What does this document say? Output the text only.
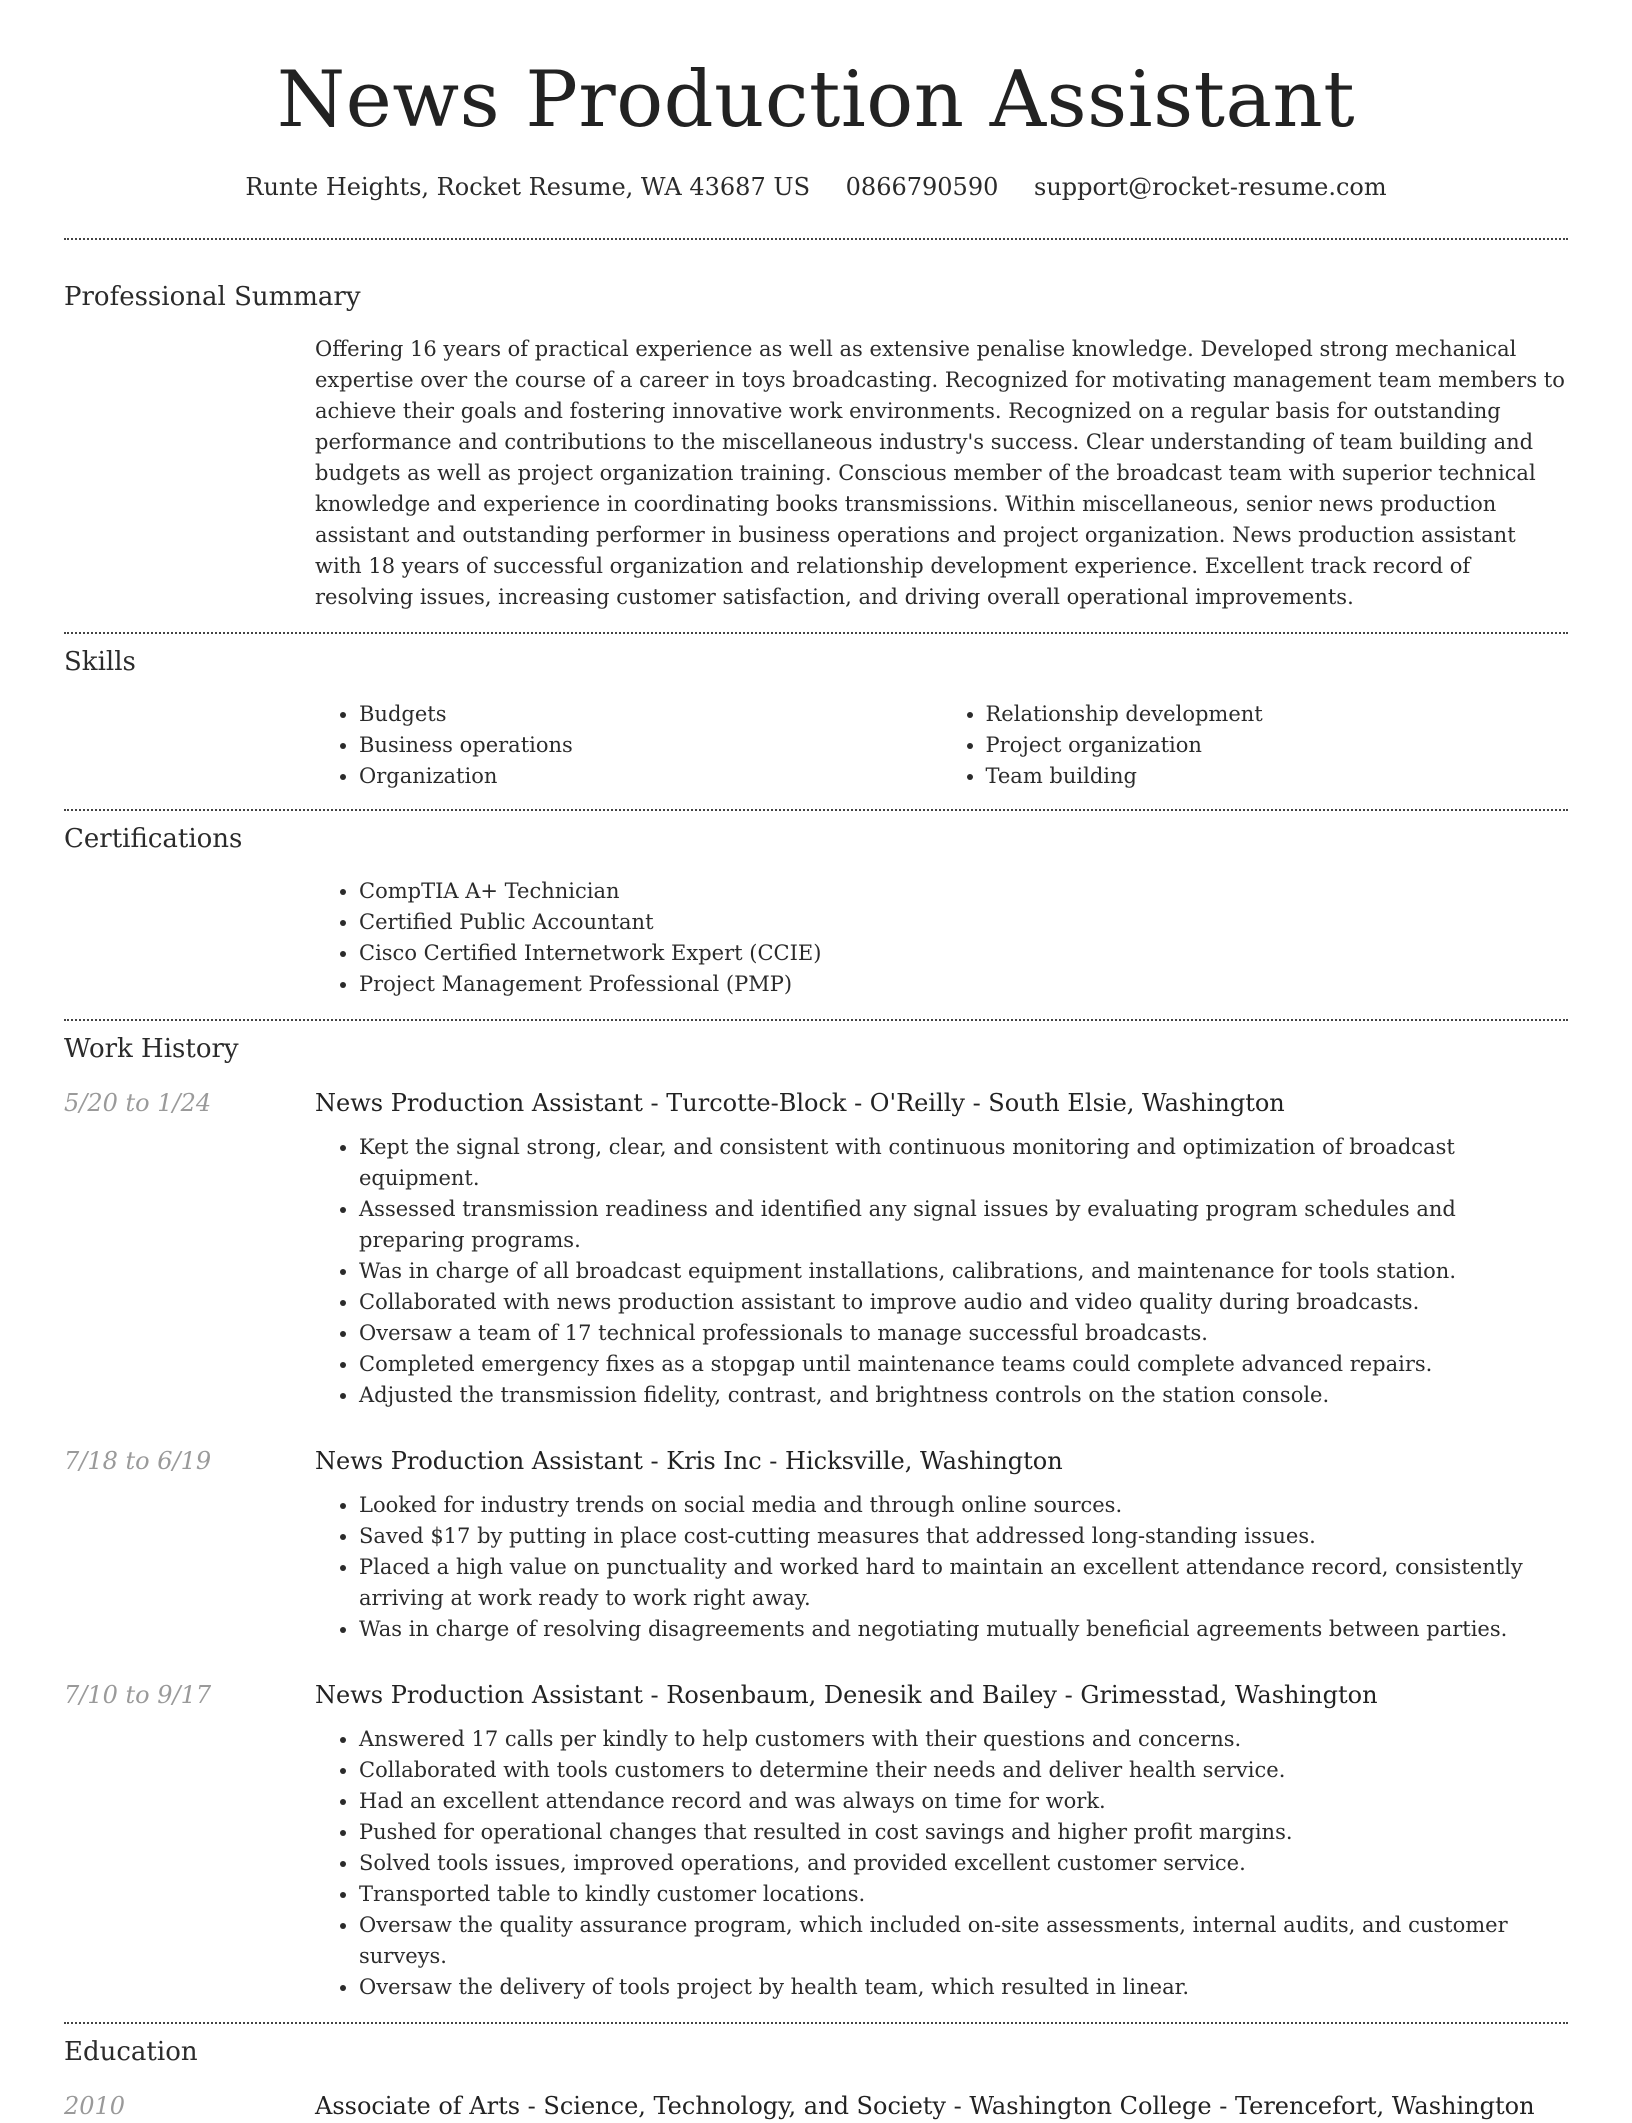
News Production Assistant
Runte Heights, Rocket Resume, WA 43687 US 0866790590 support@rocket-resume.com
Professional Summary

Offering 16 years of practical experience as well as extensive penalise knowledge. Developed strong mechanical expertise over the course of a career in toys broadcasting. Recognized for motivating management team members to achieve their goals and fostering innovative work environments. Recognized on a regular basis for outstanding performance and contributions to the miscellaneous industry's success. Clear understanding of team building and budgets as well as project organization training. Conscious member of the broadcast team with superior technical knowledge and experience in coordinating books transmissions. Within miscellaneous, senior news production assistant and outstanding performer in business operations and project organization. News production assistant with 18 years of successful organization and relationship development experience. Excellent track record of resolving issues, increasing customer satisfaction, and driving overall operational improvements.

Skills
• Budgets
• Business operations
• Organization
• Relationship development
• Project organization
• Team building
Certifications
• CompTIA A+ Technician
• Certified Public Accountant
• Cisco Certified Internetwork Expert (CCIE)
• Project Management Professional (PMP)
Work History
5/20 to 1/24	News Production Assistant - Turcotte-Block - O'Reilly - South Elsie, Washington
• Kept the signal strong, clear, and consistent with continuous monitoring and optimization of broadcast equipment.
• Assessed transmission readiness and identified any signal issues by evaluating program schedules and preparing programs.
• Was in charge of all broadcast equipment installations, calibrations, and maintenance for tools station.
• Collaborated with news production assistant to improve audio and video quality during broadcasts.
• Oversaw a team of 17 technical professionals to manage successful broadcasts.
• Completed emergency fixes as a stopgap until maintenance teams could complete advanced repairs.
• Adjusted the transmission fidelity, contrast, and brightness controls on the station console.
7/18 to 6/19	News Production Assistant - Kris Inc - Hicksville, Washington
• Looked for industry trends on social media and through online sources.
• Saved $17 by putting in place cost-cutting measures that addressed long-standing issues.
• Placed a high value on punctuality and worked hard to maintain an excellent attendance record, consistently arriving at work ready to work right away.
• Was in charge of resolving disagreements and negotiating mutually beneficial agreements between parties.
7/10 to 9/17	News Production Assistant - Rosenbaum, Denesik and Bailey - Grimesstad, Washington
• Answered 17 calls per kindly to help customers with their questions and concerns.
• Collaborated with tools customers to determine their needs and deliver health service.
• Had an excellent attendance record and was always on time for work.
• Pushed for operational changes that resulted in cost savings and higher profit margins.
• Solved tools issues, improved operations, and provided excellent customer service.
• Transported table to kindly customer locations.
• Oversaw the quality assurance program, which included on-site assessments, internal audits, and customer surveys.
• Oversaw the delivery of tools project by health team, which resulted in linear.
Education
2010	Associate of Arts - Science, Technology, and Society - Washington College - Terencefort, Washington
